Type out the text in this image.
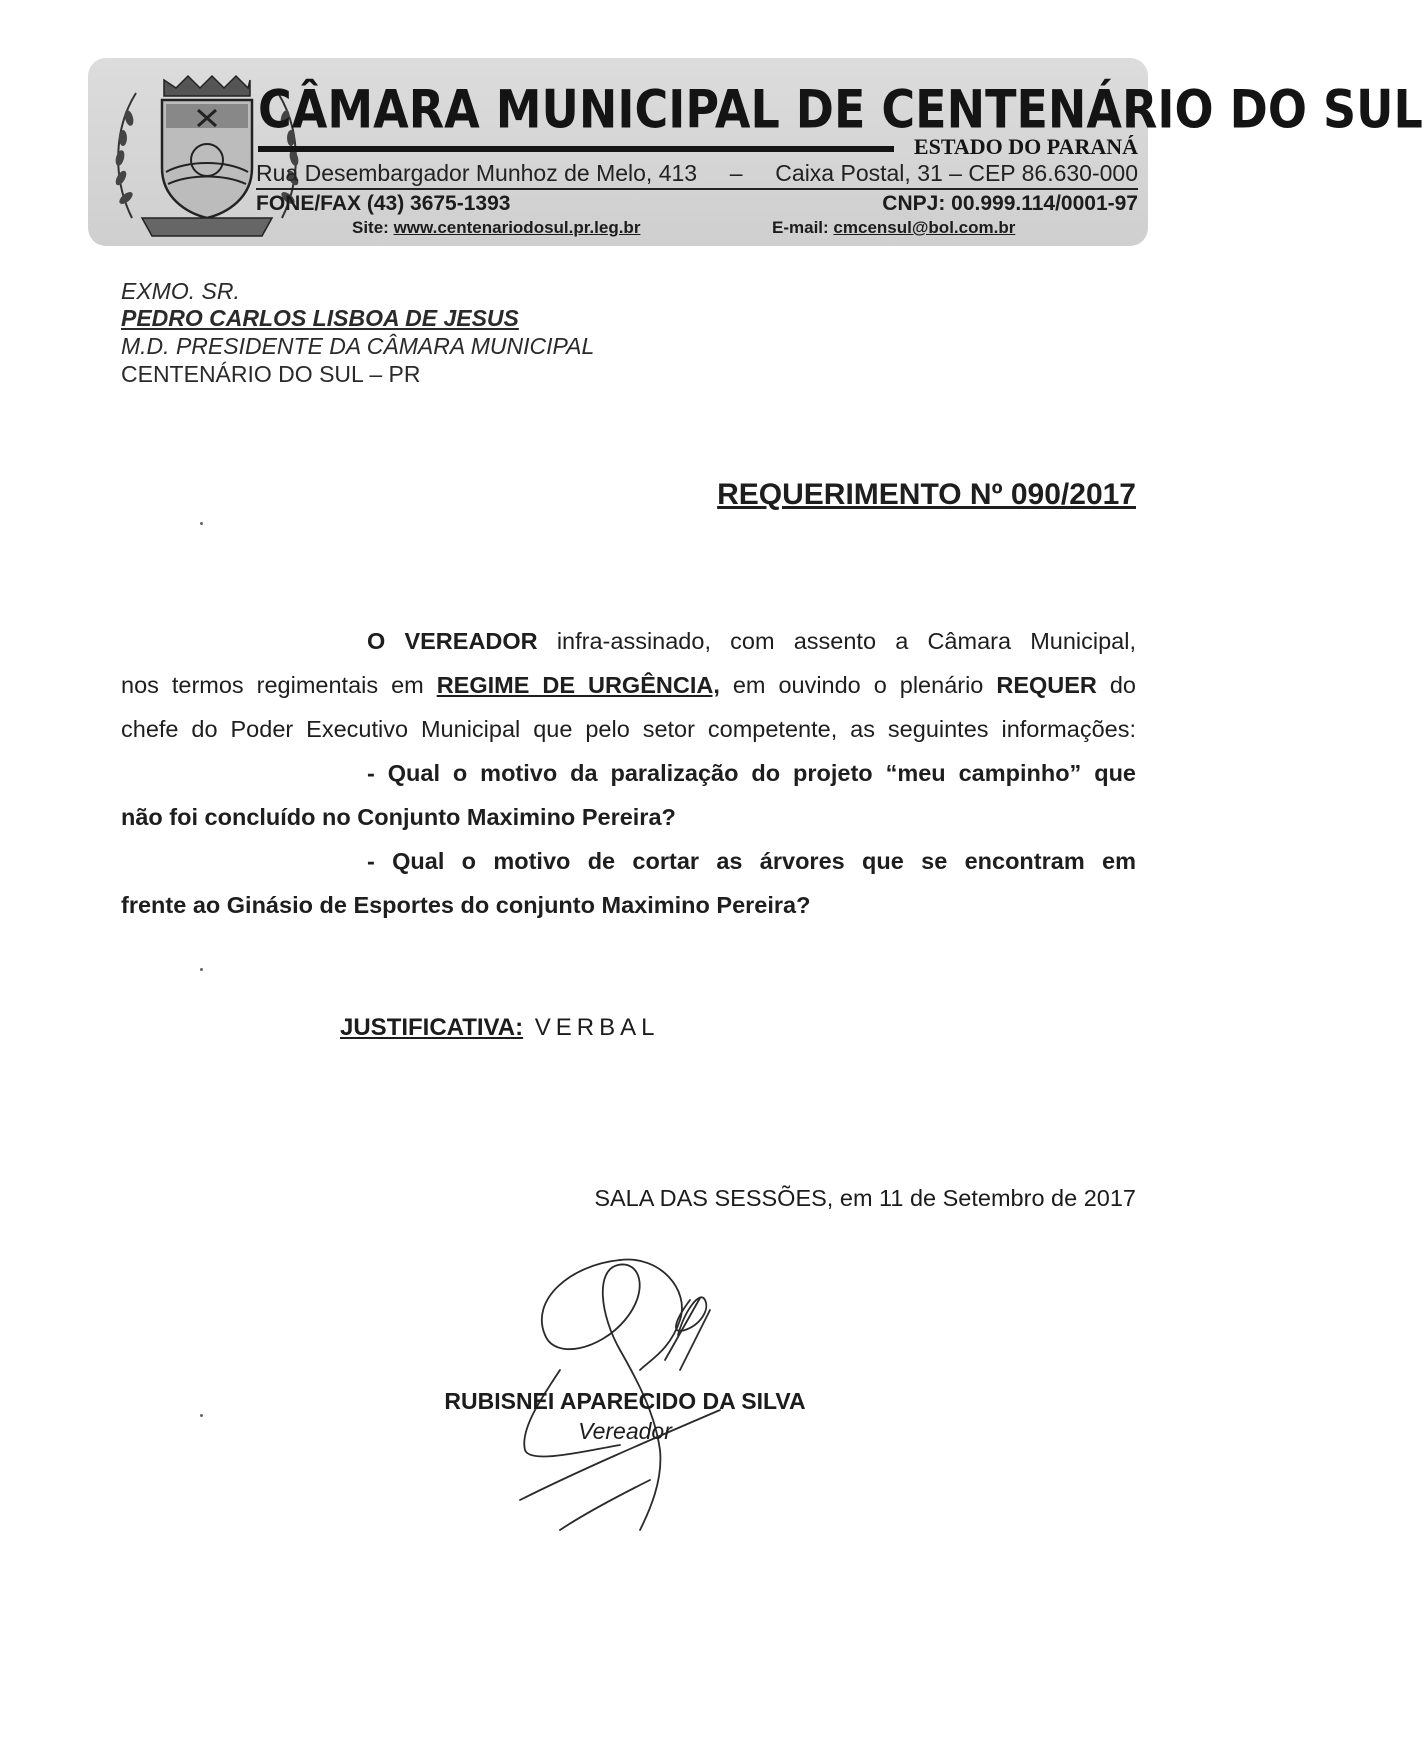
CÂMARA MUNICIPAL DE CENTENÁRIO DO SUL
ESTADO DO PARANÁ
Rua Desembargador Munhoz de Melo, 413 – Caixa Postal, 31 – CEP 86.630-000
FONE/FAX (43) 3675-1393	CNPJ: 00.999.114/0001-97
Site: www.centenariodosul.pr.leg.br	E-mail: cmcensul@bol.com.br
EXMO. SR.
PEDRO CARLOS LISBOA DE JESUS
M.D. PRESIDENTE DA CÂMARA MUNICIPAL
CENTENÁRIO DO SUL – PR
REQUERIMENTO Nº 090/2017
O VEREADOR infra-assinado, com assento a Câmara Municipal,
nos termos regimentais em REGIME DE URGÊNCIA, em ouvindo o plenário REQUER do
chefe do Poder Executivo Municipal que pelo setor competente, as seguintes informações:
- Qual o motivo da paralização do projeto “meu campinho” que
não foi concluído no Conjunto Maximino Pereira?
- Qual o motivo de cortar as árvores que se encontram em
frente ao Ginásio de Esportes do conjunto Maximino Pereira?
JUSTIFICATIVA: VERBAL
SALA DAS SESSÕES, em 11 de Setembro de 2017
RUBISNEI APARECIDO DA SILVA
Vereador
